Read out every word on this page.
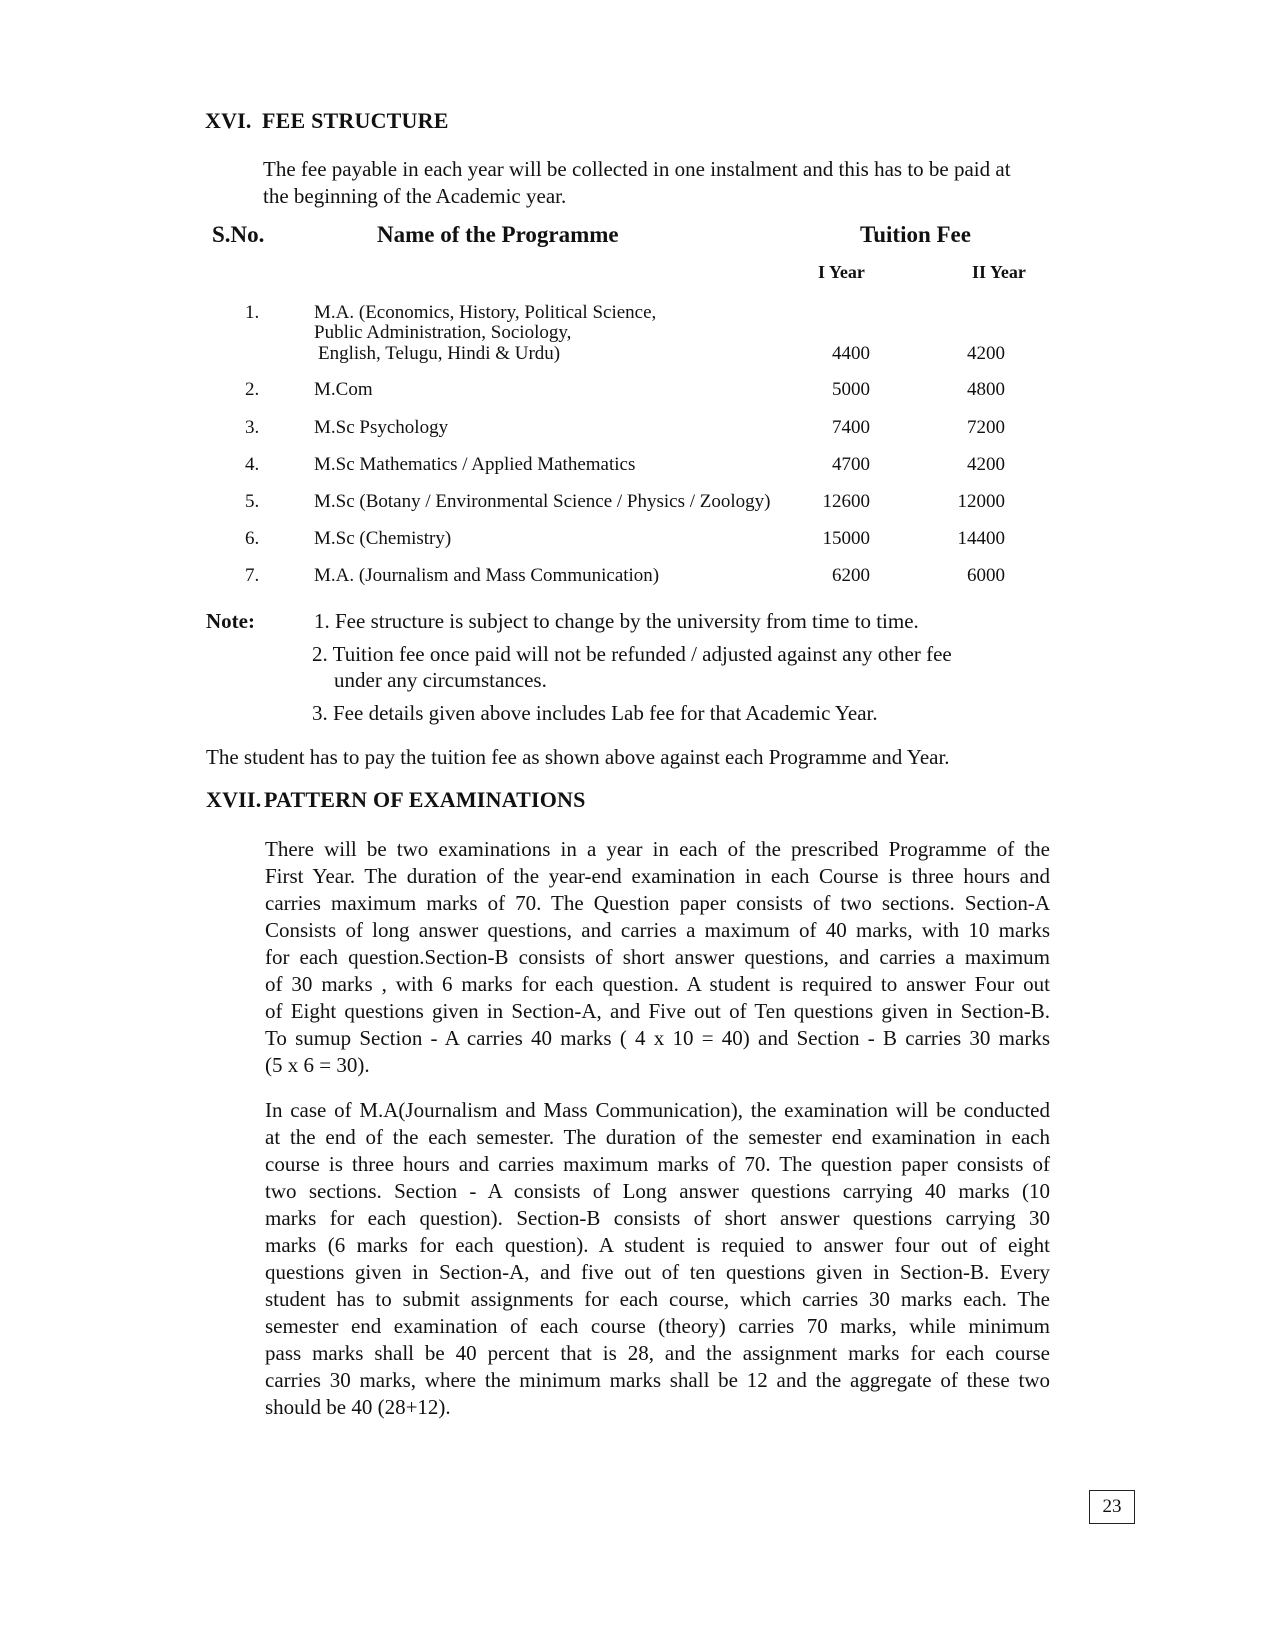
XVI. FEE STRUCTURE
The fee payable in each year will be collected in one instalment and this has to be paid at
the beginning of the Academic year.
S.No.	Name of the Programme	Tuition Fee
I Year	II Year
1.	M.A. (Economics, History, Political Science,
Public Administration, Sociology,
English, Telugu, Hindi & Urdu)	4400	4200
2.	M.Com	5000	4800
3.	M.Sc Psychology	7400	7200
4.	M.Sc Mathematics / Applied Mathematics	4700	4200
5.	M.Sc (Botany / Environmental Science / Physics / Zoology)	12600	12000
6.	M.Sc (Chemistry)	15000	14400
7.	M.A. (Journalism and Mass Communication)	6200	6000
Note:	1. Fee structure is subject to change by the university from time to time.
2. Tuition fee once paid will not be refunded / adjusted against any other fee
under any circumstances.
3. Fee details given above includes Lab fee for that Academic Year.
The student has to pay the tuition fee as shown above against each Programme and Year.
XVII. PATTERN OF EXAMINATIONS
There will be two examinations in a year in each of the prescribed Programme of the
First Year. The duration of the year-end examination in each Course is three hours and
carries maximum marks of 70. The Question paper consists of two sections. Section-A
Consists of long answer questions, and carries a maximum of 40 marks, with 10 marks
for each question.Section-B consists of short answer questions, and carries a maximum
of 30 marks , with 6 marks for each question. A student is required to answer Four out
of Eight questions given in Section-A, and Five out of Ten questions given in Section-B.
To sumup Section - A carries 40 marks ( 4 x 10 = 40) and Section - B carries 30 marks
(5 x 6 = 30).
In case of M.A(Journalism and Mass Communication), the examination will be conducted
at the end of the each semester. The duration of the semester end examination in each
course is three hours and carries maximum marks of 70. The question paper consists of
two sections. Section - A consists of Long answer questions carrying 40 marks (10
marks for each question). Section-B consists of short answer questions carrying 30
marks (6 marks for each question). A student is requied to answer four out of eight
questions given in Section-A, and five out of ten questions given in Section-B. Every
student has to submit assignments for each course, which carries 30 marks each. The
semester end examination of each course (theory) carries 70 marks, while minimum
pass marks shall be 40 percent that is 28, and the assignment marks for each course
carries 30 marks, where the minimum marks shall be 12 and the aggregate of these two
should be 40 (28+12).
23
